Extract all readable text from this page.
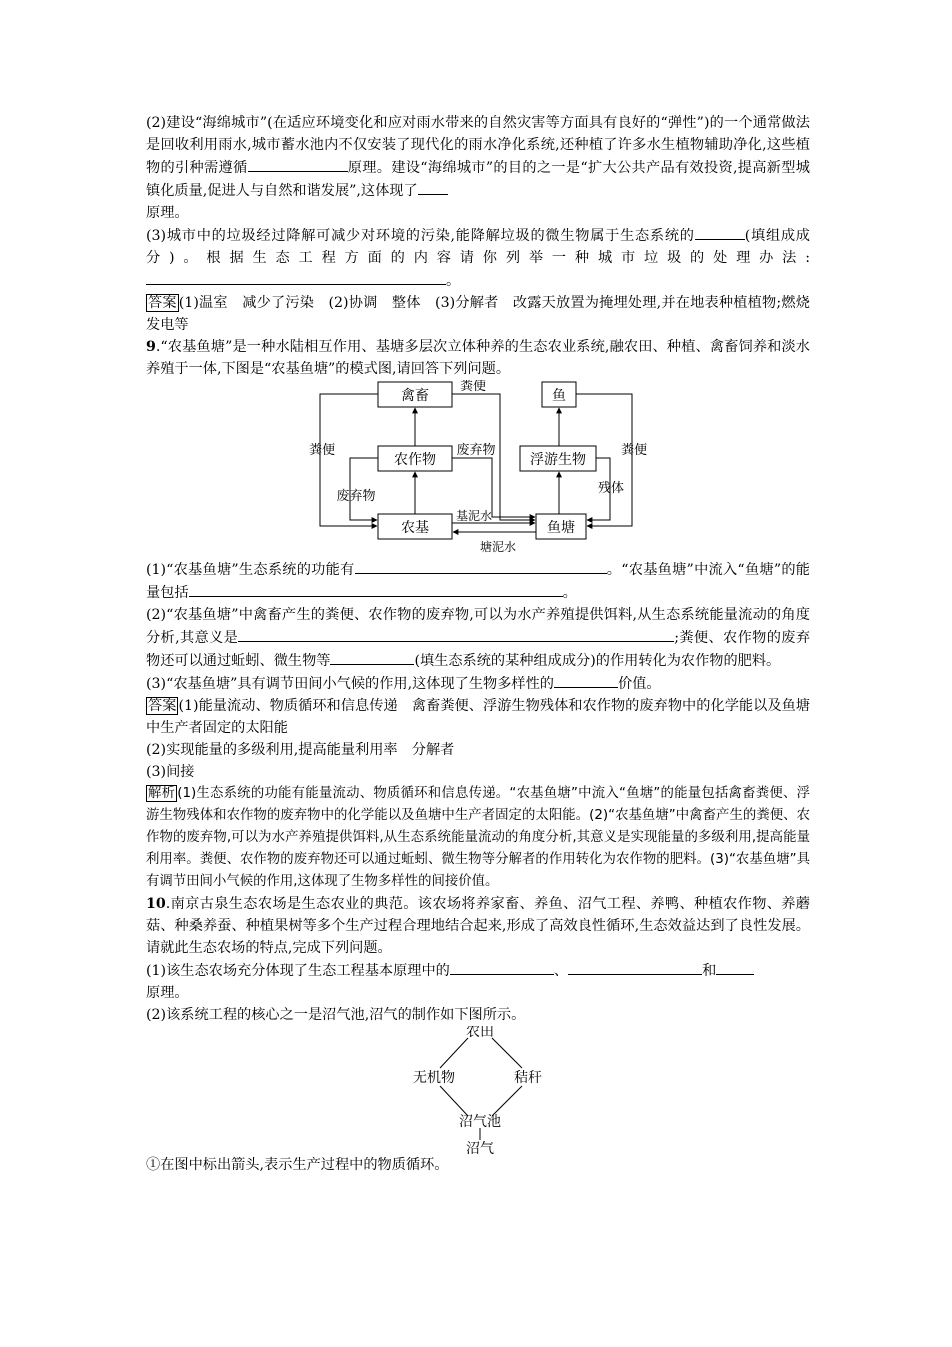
(2)建设“海绵城市”(在适应环境变化和应对雨水带来的自然灾害等方面具有良好的“弹性”)的一个通常做法是回收利用雨水,城市蓄水池内不仅安装了现代化的雨水净化系统,还种植了许多水生植物辅助净化,这些植物的引种需遵循	原理。建设“海绵城市”的目的之一是“扩大公共产品有效投资,提高新型城镇化质量,促进人与自然和谐发展”,这体现了
原理。

(3)城市中的垃圾经过降解可减少对环境的污染,能降解垃圾的微生物属于生态系统的	(填组成成分)。根据生态工程方面的内容请你列举一种城市垃圾的处理办法:。

答案 (1)温室　减少了污染　(2)协调　整体　(3)分解者　改露天放置为掩埋处理,并在地表种植植物;燃烧发电等

9.“农基鱼塘”是一种水陆相互作用、基塘多层次立体种养的生态农业系统,融农田、种植、禽畜饲养和淡水养殖于一体,下图是“农基鱼塘”的模式图,请回答下列问题。

禽畜	鱼
农作物	浮游生物
农基	鱼塘
粪便
粪便	粪便
废弃物
废弃物
残体
基泥水
塘泥水

(1)“农基鱼塘”生态系统的功能有	。“农基鱼塘”中流入“鱼塘”的能量包括	。

(2)“农基鱼塘”中禽畜产生的粪便、农作物的废弃物,可以为水产养殖提供饵料,从生态系统能量流动的角度分析,其意义是	;粪便、农作物的废弃物还可以通过蚯蚓、微生物等	(填生态系统的某种组成成分)的作用转化为农作物的肥料。

(3)“农基鱼塘”具有调节田间小气候的作用,这体现了生物多样性的	价值。

答案 (1)能量流动、物质循环和信息传递　禽畜粪便、浮游生物残体和农作物的废弃物中的化学能以及鱼塘中生产者固定的太阳能

(2)实现能量的多级利用,提高能量利用率　分解者

(3)间接

解析 (1)生态系统的功能有能量流动、物质循环和信息传递。“农基鱼塘”中流入“鱼塘”的能量包括禽畜粪便、浮游生物残体和农作物的废弃物中的化学能以及鱼塘中生产者固定的太阳能。(2)“农基鱼塘”中禽畜产生的粪便、农作物的废弃物,可以为水产养殖提供饵料,从生态系统能量流动的角度分析,其意义是实现能量的多级利用,提高能量利用率。粪便、农作物的废弃物还可以通过蚯蚓、微生物等分解者的作用转化为农作物的肥料。(3)“农基鱼塘”具有调节田间小气候的作用,这体现了生物多样性的间接价值。

10.南京古泉生态农场是生态农业的典范。该农场将养家畜、养鱼、沼气工程、养鸭、种植农作物、养蘑菇、种桑养蚕、种植果树等多个生产过程合理地结合起来,形成了高效良性循环,生态效益达到了良性发展。请就此生态农场的特点,完成下列问题。

(1)该生态农场充分体现了生态工程基本原理中的	、	和
原理。

(2)该系统工程的核心之一是沼气池,沼气的制作如下图所示。

农田
无机物	秸秆
沼气池
沼气

①在图中标出箭头,表示生产过程中的物质循环。
